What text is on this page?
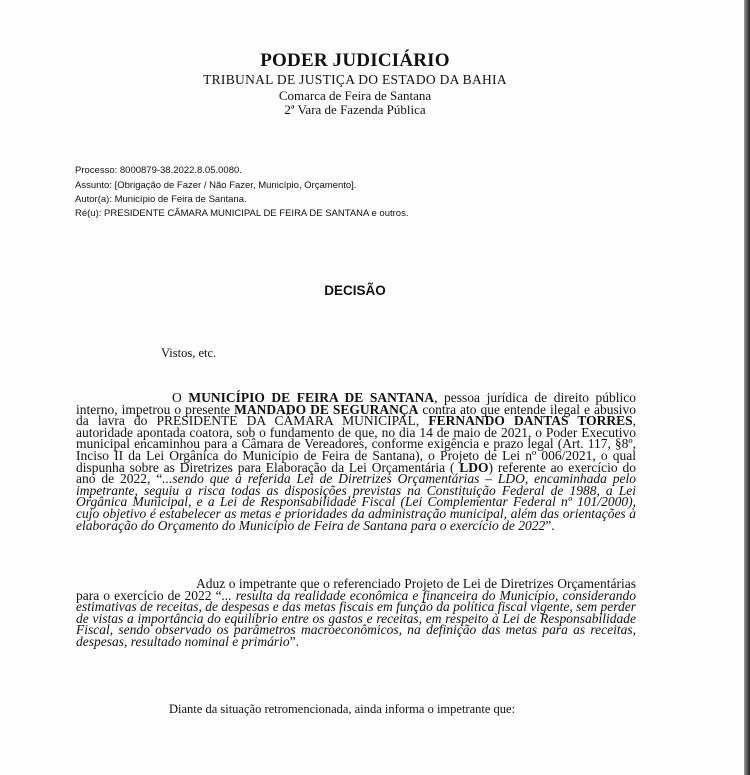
PODER JUDICIÁRIO
TRIBUNAL DE JUSTIÇA DO ESTADO DA BAHIA
Comarca de Feira de Santana
2ª Vara de Fazenda Pública
Processo: 8000879-38.2022.8.05.0080.
Assunto: [Obrigação de Fazer / Não Fazer, Município, Orçamento].
Autor(a): Município de Feira de Santana.
Ré(u): PRESIDENTE CÂMARA MUNICIPAL DE FEIRA DE SANTANA e outros.
DECISÃO
Vistos, etc.
O MUNICÍPIO DE FEIRA DE SANTANA, pessoa jurídica de direito público interno, impetrou o presente MANDADO DE SEGURANÇA contra ato que entende ilegal e abusivo da lavra do PRESIDENTE DA CÂMARA MUNICIPAL, FERNANDO DANTAS TORRES, autoridade apontada coatora, sob o fundamento de que, no dia 14 de maio de 2021, o Poder Executivo municipal encaminhou para a Câmara de Vereadores, conforme exigência e prazo legal (Art. 117, §8º, Inciso II da Lei Orgânica do Município de Feira de Santana), o Projeto de Lei nº 006/2021, o qual dispunha sobre as Diretrizes para Elaboração da Lei Orçamentária ( LDO) referente ao exercício do ano de 2022, “...sendo que a referida Lei de Diretrizes Orçamentárias – LDO, encaminhada pelo impetrante, seguiu a risca todas as disposições previstas na Constituição Federal de 1988, a Lei Orgânica Municipal, e a Lei de Responsabilidade Fiscal (Lei Complementar Federal nº 101/2000), cujo objetivo é estabelecer as metas e prioridades da administração municipal, além das orientações à elaboração do Orçamento do Município de Feira de Santana para o exercício de 2022”.
Aduz o impetrante que o referenciado Projeto de Lei de Diretrizes Orçamentárias para o exercício de 2022 “... resulta da realidade econômica e financeira do Município, considerando estimativas de receitas, de despesas e das metas fiscais em função da política fiscal vigente, sem perder de vistas a importância do equilíbrio entre os gastos e receitas, em respeito à Lei de Responsabilidade Fiscal, sendo observado os parâmetros macroeconômicos, na definição das metas para as receitas, despesas, resultado nominal e primário”.
Diante da situação retromencionada, ainda informa o impetrante que:
